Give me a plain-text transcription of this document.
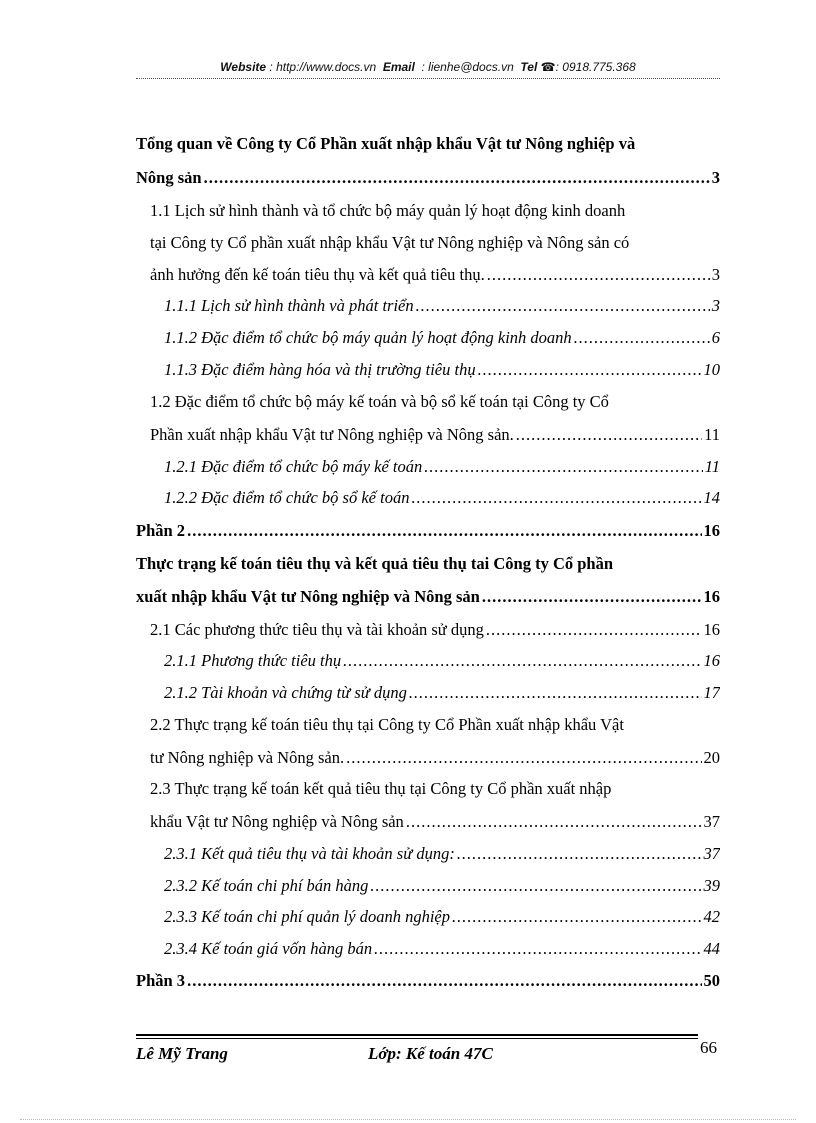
Website : http://www.docs.vn Email  : lienhe@docs.vn Tel ☎: 0918.775.368
Tổng quan về Công ty Cổ Phần xuất nhập khẩu Vật tư Nông nghiệp và
Nông sản .....	3
1.1 Lịch sử hình thành và tổ chức bộ máy quản lý hoạt động kinh doanh
tại Công ty Cổ phần xuất nhập khẩu Vật tư Nông nghiệp và Nông sản có
ảnh hưởng đến kế toán tiêu thụ và kết quả tiêu thụ. .....	3
1.1.1 Lịch sử hình thành và phát triển .....	3
1.1.2 Đặc điểm tổ chức bộ máy quản lý hoạt động kinh doanh .....	6
1.1.3 Đặc điểm hàng hóa và thị trường tiêu thụ .....	10
1.2 Đặc điểm tổ chức bộ máy kế toán và bộ sổ kế toán tại Công ty Cổ
Phần xuất nhập khẩu Vật tư Nông nghiệp và Nông sản. .....	11
1.2.1 Đặc điểm tổ chức bộ máy kế toán .....	11
1.2.2 Đặc điểm tổ chức bộ sổ kế toán .....	14
Phần 2 .....	16
Thực trạng kế toán tiêu thụ và kết quả tiêu thụ tai Công ty Cổ phần
xuất nhập khẩu Vật tư Nông nghiệp và Nông sản .....	16
2.1 Các phương thức tiêu thụ và tài khoản sử dụng .....	16
2.1.1 Phương thức tiêu thụ .....	16
2.1.2 Tài khoản và chứng từ sử dụng .....	17
2.2 Thực trạng kế toán tiêu thụ tại Công ty Cổ Phần xuất nhập khẩu Vật
tư Nông nghiệp và Nông sản. .....	20
2.3 Thực trạng kế toán kết quả tiêu thụ tại Công ty Cổ phần xuất nhập
khẩu Vật tư Nông nghiệp và Nông sản .....	37
2.3.1 Kết quả tiêu thụ và tài khoản sử dụng: .....	37
2.3.2 Kế toán chi phí bán hàng .....	39
2.3.3 Kế toán chi phí quản lý doanh nghiệp .....	42
2.3.4 Kế toán giá vốn hàng bán .....	44
Phần 3 .....	50
Lê Mỹ Trang	Lớp: Kế toán 47C	66
